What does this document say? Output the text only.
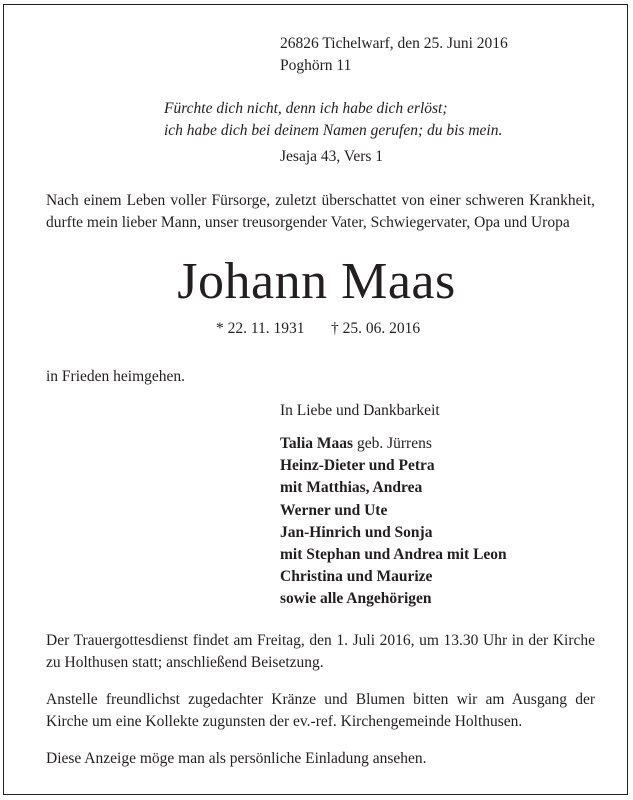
26826 Tichelwarf, den 25. Juni 2016
Poghörn 11
Fürchte dich nicht, denn ich habe dich erlöst;
ich habe dich bei deinem Namen gerufen; du bis mein.
Jesaja 43, Vers 1
Nach einem Leben voller Fürsorge, zuletzt überschattet von einer schweren Krankheit,
durfte mein lieber Mann, unser treusorgender Vater, Schwiegervater, Opa und Uropa
Johann Maas
* 22. 11. 1931 † 25. 06. 2016
in Frieden heimgehen.
In Liebe und Dankbarkeit
Talia Maas geb. Jürrens
Heinz-Dieter und Petra
mit Matthias, Andrea
Werner und Ute
Jan-Hinrich und Sonja
mit Stephan und Andrea mit Leon
Christina und Maurize
sowie alle Angehörigen
Der Trauergottesdienst findet am Freitag, den 1. Juli 2016, um 13.30 Uhr in der Kirche
zu Holthusen statt; anschließend Beisetzung.
Anstelle freundlichst zugedachter Kränze und Blumen bitten wir am Ausgang der
Kirche um eine Kollekte zugunsten der ev.-ref. Kirchengemeinde Holthusen.
Diese Anzeige möge man als persönliche Einladung ansehen.
